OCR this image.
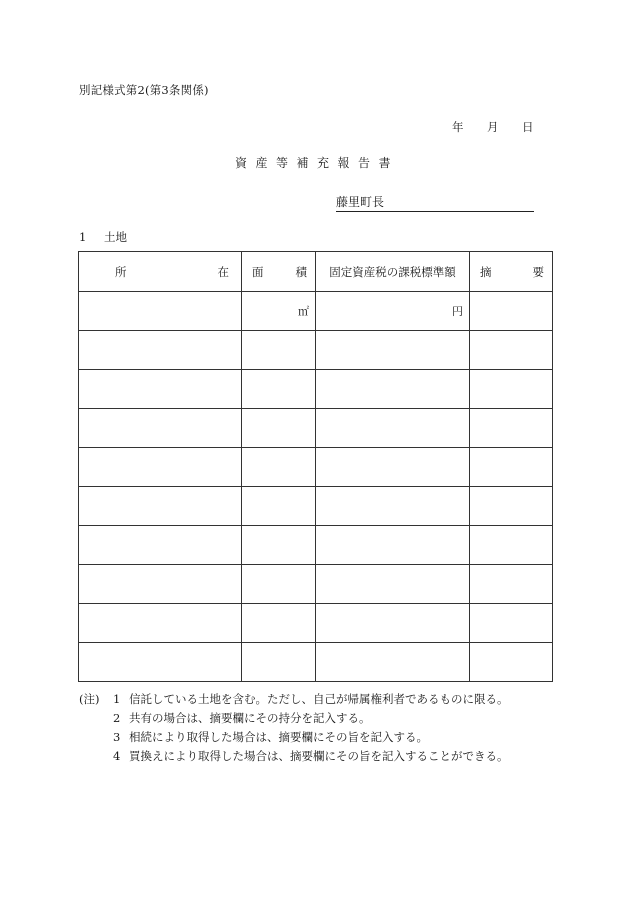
別記様式第2(第3条関係)
年 月 日
資産等補充報告書
藤里町長
1 土地
所 在	面 積	固定資産税の課税標準額	摘 要

	㎡	円	

(注)	1 信託している土地を含む。ただし、自己が帰属権利者であるものに限る。
2 共有の場合は、摘要欄にその持分を記入する。
3 相続により取得した場合は、摘要欄にその旨を記入する。
4 買換えにより取得した場合は、摘要欄にその旨を記入することができる。
